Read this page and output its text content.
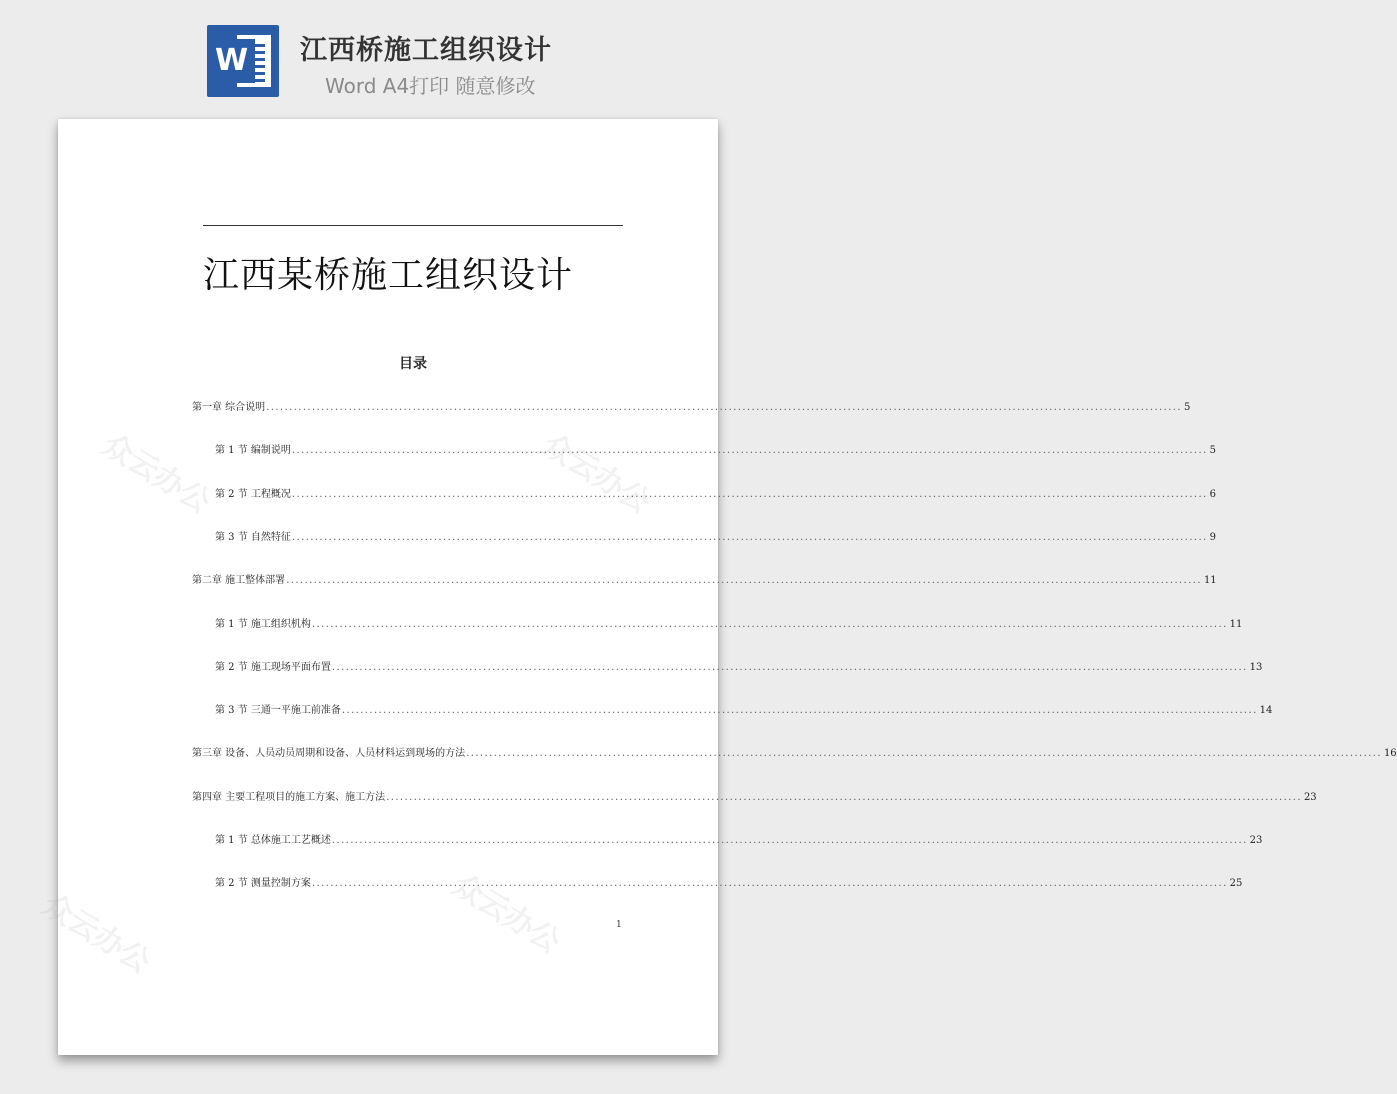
W 江西桥施工组织设计
Word A4打印 随意修改
众云办公	众云办公
众云办公	众云办公
江西某桥施工组织设计
目录
第一章 综合说明 ........................................................................................................................................................................................................ 5
第 1 节 编制说明 ........................................................................................................................................................................................................ 5
第 2 节 工程概况 ........................................................................................................................................................................................................ 6
第 3 节 自然特征 ........................................................................................................................................................................................................ 9
第二章 施工整体部署 ........................................................................................................................................................................................................ 11
第 1 节 施工组织机构 ........................................................................................................................................................................................................ 11
第 2 节 施工现场平面布置 ........................................................................................................................................................................................................ 13
第 3 节 三通一平施工前准备 ........................................................................................................................................................................................................ 14
第三章 设备、人员动员周期和设备、人员材料运到现场的方法 ........................................................................................................................................................................................................ 16
第四章 主要工程项目的施工方案、施工方法 ........................................................................................................................................................................................................ 23
第 1 节 总体施工工艺概述 ........................................................................................................................................................................................................ 23
第 2 节 测量控制方案 ........................................................................................................................................................................................................ 25
1
